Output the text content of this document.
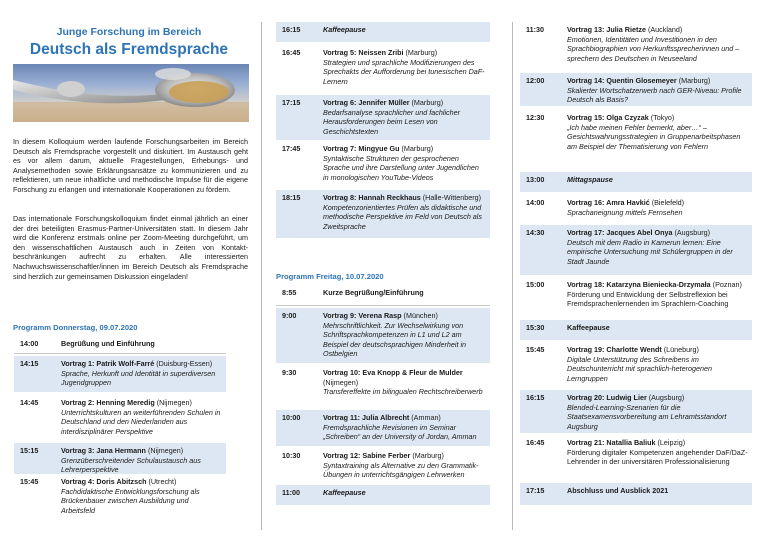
Junge Forschung im Bereich
Deutsch als Fremdsprache

In diesem Kolloquium werden laufende Forschungsarbeiten im Bereich Deutsch als Fremdsprache vorgestellt und diskutiert. Im Austausch geht es vor allem darum, aktuelle Fragestellungen, Erhebungs- und Analysemethoden sowie Erklärungsansätze zu kommunizieren und zu reflektieren, um neue inhaltliche und methodische Impulse für die eigene Forschung zu erlangen und internationale Kooperationen zu fördern.

Das internationale Forschungskolloquium findet einmal jährlich an einer der drei beteiligten Erasmus-Partner-Universitäten statt. In diesem Jahr wird die Konferenz erstmals online per Zoom-Meeting durchgeführt, um den wissenschaftlichen Austausch auch in Zeiten von Kontakt-beschränkungen aufrecht zu erhalten. Alle interessierten Nachwuchswissenschaftler/innen im Bereich Deutsch als Fremdsprache sind herzlich zur gemeinsamen Diskussion eingeladen!

Programm Donnerstag, 09.07.2020
14:00	Begrüßung und Einführung
14:15	Vortrag 1: Patrik Wolf-Farré (Duisburg-Essen)
Sprache, Herkunft und Identität in superdiversen Jugendgruppen
14:45	Vortrag 2: Henning Meredig (Nijmegen)
Unterrichtskulturen an weiterführenden Schulen in Deutschland und den Niederlanden aus interdisziplinärer Perspektive
15:15	Vortrag 3: Jana Hermann (Nijmegen)
Grenzüberschreitender Schulaustausch aus Lehrerperspektive
15:45	Vortrag 4: Doris Abitzsch (Utrecht)
Fachdidaktische Entwicklungsforschung als Brückenbauer zwischen Ausbildung und Arbeitsfeld
16:15	Kaffeepause
16:45	Vortrag 5: Neissen Zribi (Marburg)
Strategien und sprachliche Modifizierungen des Sprechakts der Aufforderung bei tunesischen DaF-Lernern
17:15	Vortrag 6: Jennifer Müller (Marburg)
Bedarfsanalyse sprachlicher und fachlicher Herausforderungen beim Lesen von Geschichtstexten
17:45	Vortrag 7: Mingyue Gu (Marburg)
Syntaktische Strukturen der gesprochenen Sprache und ihre Darstellung unter Jugendlichen in monologischen YouTube-Videos
18:15	Vortrag 8: Hannah Reckhaus (Halle-Wittenberg)
Kompetenzorientiertes Prüfen als didaktische und methodische Perspektive im Feld von Deutsch als Zweitsprache
Programm Freitag, 10.07.2020
8:55	Kurze Begrüßung/Einführung
9:00	Vortrag 9: Verena Rasp (München)
Mehrschriftlichkeit. Zur Wechselwirkung von Schriftsprachkompetenzen in L1 und L2 am Beispiel der deutschsprachigen Minderheit in Ostbelgien
9:30	Vortrag 10: Eva Knopp & Fleur de Mulder (Nijmegen)
Transfereffekte im bilingualen Rechtschreiberwerb
10:00	Vortrag 11: Julia Albrecht (Amman)
Fremdsprachliche Revisionen im Seminar „Schreiben“ an der University of Jordan, Amman
10:30	Vortrag 12: Sabine Ferber (Marburg)
Syntaxtraining als Alternative zu den Grammatik-Übungen in unterrichtsgängigen Lehrwerken
11:00	Kaffeepause
11:30	Vortrag 13: Julia Rietze (Auckland)
Emotionen, Identitäten und Investitionen in den Sprachbiographien von Herkunftssprecherinnen und –sprechern des Deutschen in Neuseeland
12:00	Vortrag 14: Quentin Glosemeyer (Marburg)
Skalierter Wortschatzerwerb nach GER-Niveau: Profile Deutsch als Basis?
12:30	Vortrag 15: Olga Czyzak (Tokyo)
„Ich habe meinen Fehler bemerkt, aber…“ – Gesichtswahrungsstrategien in Gruppenarbeitsphasen am Beispiel der Thematisierung von Fehlern
13:00	Mittagspause
14:00	Vortrag 16: Amra Havkić (Bielefeld)
Sprachaneignung mittels Fernsehen
14:30	Vortrag 17: Jacques Abel Onya (Augsburg)
Deutsch mit dem Radio in Kamerun lernen: Eine empirische Untersuchung mit Schülergruppen in der Stadt Jaunde
15:00	Vortrag 18: Katarzyna Bieniecka-Drzymała (Poznan)
Förderung und Entwicklung der Selbstreflexion bei Fremdsprachenlernenden im Sprachlern-Coaching
15:30	Kaffeepause
15:45	Vortrag 19: Charlotte Wendt (Lüneburg)
Digitale Unterstützung des Schreibens im Deutschunterricht mit sprachlich-heterogenen Lerngruppen
16:15	Vortrag 20: Ludwig Lier (Augsburg)
Blended-Learning-Szenarien für die Staatsexamensvorbereitung am Lehramtsstandort Augsburg
16:45	Vortrag 21: Natallia Baliuk (Leipzig)
Förderung digitaler Kompetenzen angehender DaF/DaZ-Lehrender in der universitären Professionalisierung
17:15	Abschluss und Ausblick 2021
